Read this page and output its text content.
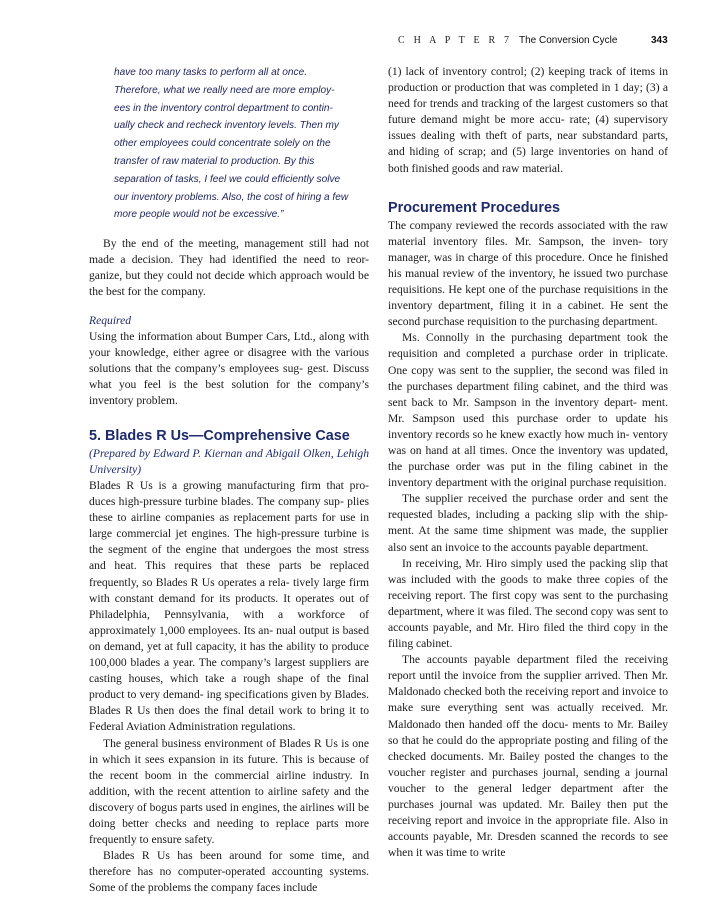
C H A P T E R 7 The Conversion Cycle	343

have too many tasks to perform all at once. Therefore, what we really need are more employ- ees in the inventory control department to contin- ually check and recheck inventory levels. Then my other employees could concentrate solely on the transfer of raw material to production. By this separation of tasks, I feel we could efficiently solve our inventory problems. Also, the cost of hiring a few more people would not be excessive.”

By the end of the meeting, management still had not made a decision. They had identified the need to reor- ganize, but they could not decide which approach would be the best for the company.

Required

Using the information about Bumper Cars, Ltd., along with your knowledge, either agree or disagree with the various solutions that the company’s employees sug- gest. Discuss what you feel is the best solution for the company’s inventory problem.

5. Blades R Us—Comprehensive Case
(Prepared by Edward P. Kiernan and Abigail Olken, Lehigh University)

Blades R Us is a growing manufacturing firm that pro- duces high-pressure turbine blades. The company sup- plies these to airline companies as replacement parts for use in large commercial jet engines. The high-pressure turbine is the segment of the engine that undergoes the most stress and heat. This requires that these parts be replaced frequently, so Blades R Us operates a rela- tively large firm with constant demand for its products. It operates out of Philadelphia, Pennsylvania, with a workforce of approximately 1,000 employees. Its an- nual output is based on demand, yet at full capacity, it has the ability to produce 100,000 blades a year. The company’s largest suppliers are casting houses, which take a rough shape of the final product to very demand- ing specifications given by Blades. Blades R Us then does the final detail work to bring it to Federal Aviation Administration regulations.

The general business environment of Blades R Us is one in which it sees expansion in its future. This is because of the recent boom in the commercial airline industry. In addition, with the recent attention to airline safety and the discovery of bogus parts used in engines, the airlines will be doing better checks and needing to replace parts more frequently to ensure safety.

Blades R Us has been around for some time, and therefore has no computer-operated accounting systems. Some of the problems the company faces include

(1) lack of inventory control; (2) keeping track of items in production or production that was completed in 1 day; (3) a need for trends and tracking of the largest customers so that future demand might be more accu- rate; (4) supervisory issues dealing with theft of parts, near substandard parts, and hiding of scrap; and (5) large inventories on hand of both finished goods and raw material.

Procurement Procedures

The company reviewed the records associated with the raw material inventory files. Mr. Sampson, the inven- tory manager, was in charge of this procedure. Once he finished his manual review of the inventory, he issued two purchase requisitions. He kept one of the purchase requisitions in the inventory department, filing it in a cabinet. He sent the second purchase requisition to the purchasing department.

Ms. Connolly in the purchasing department took the requisition and completed a purchase order in triplicate. One copy was sent to the supplier, the second was filed in the purchases department filing cabinet, and the third was sent back to Mr. Sampson in the inventory depart- ment. Mr. Sampson used this purchase order to update his inventory records so he knew exactly how much in- ventory was on hand at all times. Once the inventory was updated, the purchase order was put in the filing cabinet in the inventory department with the original purchase requisition.

The supplier received the purchase order and sent the requested blades, including a packing slip with the ship- ment. At the same time shipment was made, the supplier also sent an invoice to the accounts payable department.

In receiving, Mr. Hiro simply used the packing slip that was included with the goods to make three copies of the receiving report. The first copy was sent to the purchasing department, where it was filed. The second copy was sent to accounts payable, and Mr. Hiro filed the third copy in the filing cabinet.

The accounts payable department filed the receiving report until the invoice from the supplier arrived. Then Mr. Maldonado checked both the receiving report and invoice to make sure everything sent was actually received. Mr. Maldonado then handed off the docu- ments to Mr. Bailey so that he could do the appropriate posting and filing of the checked documents. Mr. Bailey posted the changes to the voucher register and purchases journal, sending a journal voucher to the general ledger department after the purchases journal was updated. Mr. Bailey then put the receiving report and invoice in the appropriate file. Also in accounts payable, Mr. Dresden scanned the records to see when it was time to write
